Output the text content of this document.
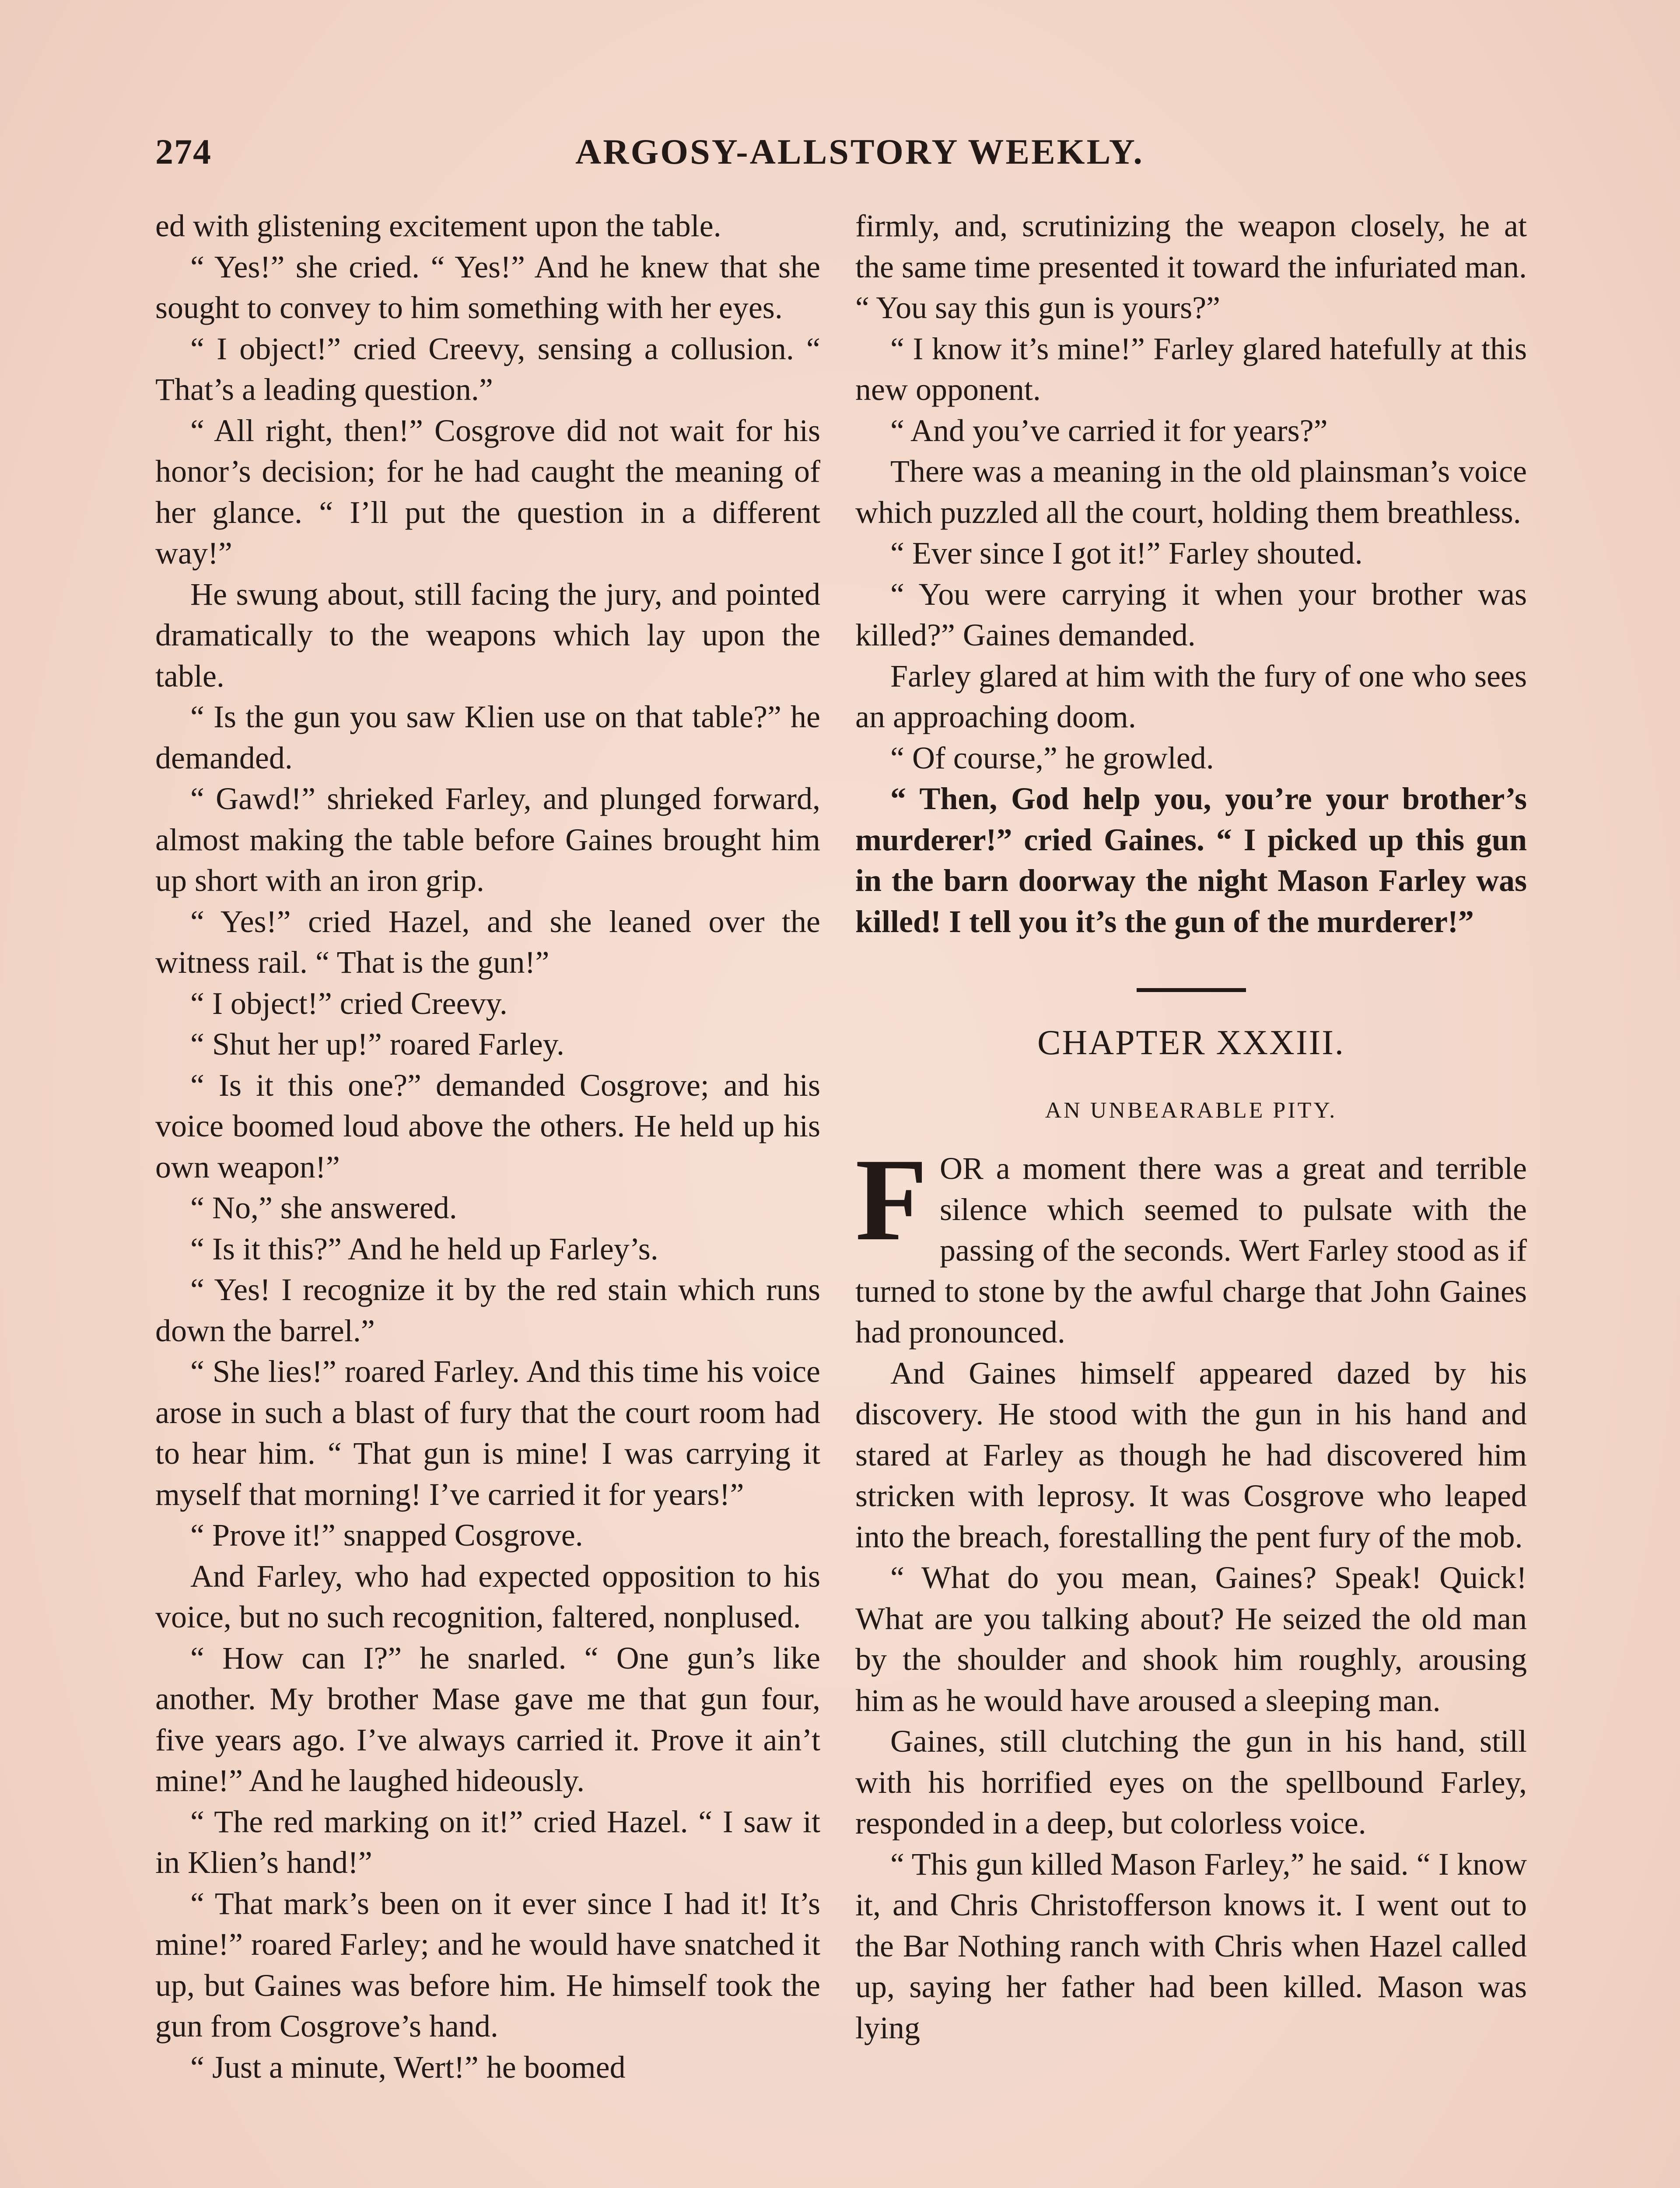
274	ARGOSY-ALLSTORY WEEKLY.

ed with glistening excitement upon the table.

“ Yes!” she cried. “ Yes!” And he knew that she sought to convey to him something with her eyes.

“ I object!” cried Creevy, sensing a collusion. “ That’s a leading question.”

“ All right, then!” Cosgrove did not wait for his honor’s decision; for he had caught the meaning of her glance. “ I’ll put the question in a different way!”

He swung about, still facing the jury, and pointed dramatically to the weapons which lay upon the table.

“ Is the gun you saw Klien use on that table?” he demanded.

“ Gawd!” shrieked Farley, and plunged forward, almost making the table before Gaines brought him up short with an iron grip.

“ Yes!” cried Hazel, and she leaned over the witness rail. “ That is the gun!”

“ I object!” cried Creevy.

“ Shut her up!” roared Farley.

“ Is it this one?” demanded Cosgrove; and his voice boomed loud above the others. He held up his own weapon!”

“ No,” she answered.

“ Is it this?” And he held up Farley’s.

“ Yes! I recognize it by the red stain which runs down the barrel.”

“ She lies!” roared Farley. And this time his voice arose in such a blast of fury that the court room had to hear him. “ That gun is mine! I was carrying it myself that morning! I’ve carried it for years!”

“ Prove it!” snapped Cosgrove.

And Farley, who had expected opposition to his voice, but no such recognition, faltered, nonplused.

“ How can I?” he snarled. “ One gun’s like another. My brother Mase gave me that gun four, five years ago. I’ve always carried it. Prove it ain’t mine!” And he laughed hideously.

“ The red marking on it!” cried Hazel. “ I saw it in Klien’s hand!”

“ That mark’s been on it ever since I had it! It’s mine!” roared Farley; and he would have snatched it up, but Gaines was before him. He himself took the gun from Cosgrove’s hand.

“ Just a minute, Wert!” he boomed

firmly, and, scrutinizing the weapon closely, he at the same time presented it toward the infuriated man. “ You say this gun is yours?”

“ I know it’s mine!” Farley glared hatefully at this new opponent.

“ And you’ve carried it for years?”

There was a meaning in the old plainsman’s voice which puzzled all the court, holding them breathless.

“ Ever since I got it!” Farley shouted.

“ You were carrying it when your brother was killed?” Gaines demanded.

Farley glared at him with the fury of one who sees an approaching doom.

“ Of course,” he growled.

“ Then, God help you, you’re your brother’s murderer!” cried Gaines. “ I picked up this gun in the barn doorway the night Mason Farley was killed! I tell you it’s the gun of the murderer!”

CHAPTER XXXIII.
AN UNBEARABLE PITY.

FOR a moment there was a great and terrible silence which seemed to pulsate with the passing of the seconds. Wert Farley stood as if turned to stone by the awful charge that John Gaines had pronounced.

And Gaines himself appeared dazed by his discovery. He stood with the gun in his hand and stared at Farley as though he had discovered him stricken with leprosy. It was Cosgrove who leaped into the breach, forestalling the pent fury of the mob.

“ What do you mean, Gaines? Speak! Quick! What are you talking about? He seized the old man by the shoulder and shook him roughly, arousing him as he would have aroused a sleeping man.

Gaines, still clutching the gun in his hand, still with his horrified eyes on the spellbound Farley, responded in a deep, but colorless voice.

“ This gun killed Mason Farley,” he said. “ I know it, and Chris Christofferson knows it. I went out to the Bar Nothing ranch with Chris when Hazel called up, saying her father had been killed. Mason was lying
